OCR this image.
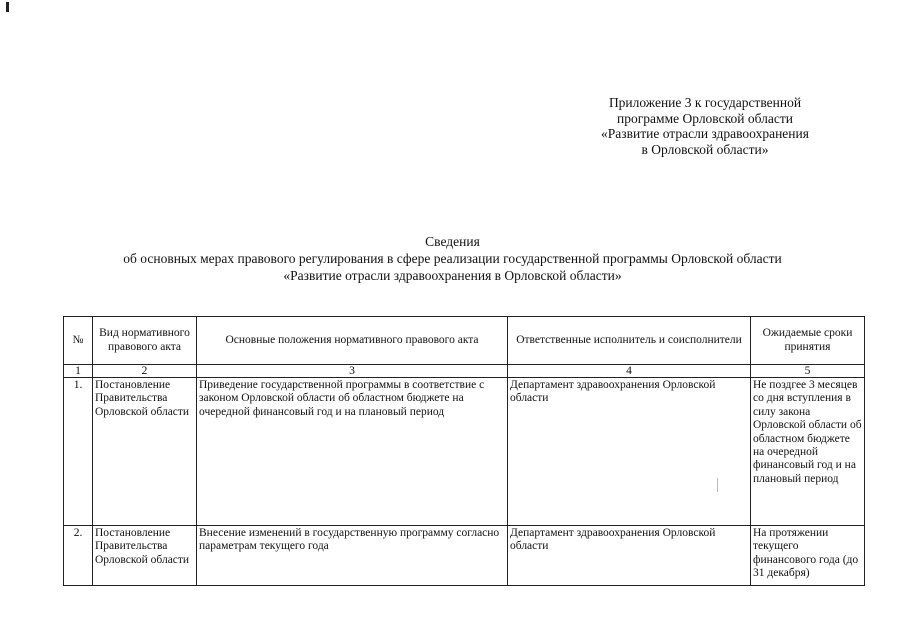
Приложение 3 к государственной
программе Орловской области
«Развитие отрасли здравоохранения
в Орловской области»
Сведения
об основных мерах правового регулирования в сфере реализации государственной программы Орловской области
«Развитие отрасли здравоохранения в Орловской области»
№	Вид нормативного правового акта	Основные положения нормативного правового акта	Ответственные исполнитель и соисполнители	Ожидаемые сроки принятия
1	2	3	4	5
1.	Постановление Правительства Орловской области	Приведение государственной программы в соответствие с законом Орловской области об областном бюджете на очередной финансовый год и на плановый период	Департамент здравоохранения Орловской области	Не поздгее 3 месяцев со дня вступления в силу закона Орловской области об областном бюджете на очередной финансовый год и на плановый период
2.	Постановление Правительства Орловской области	Внесение изменений в государственную программу согласно параметрам текущего года	Департамент здравоохранения Орловской области	На протяжении текущего финансового года (до 31 декабря)
